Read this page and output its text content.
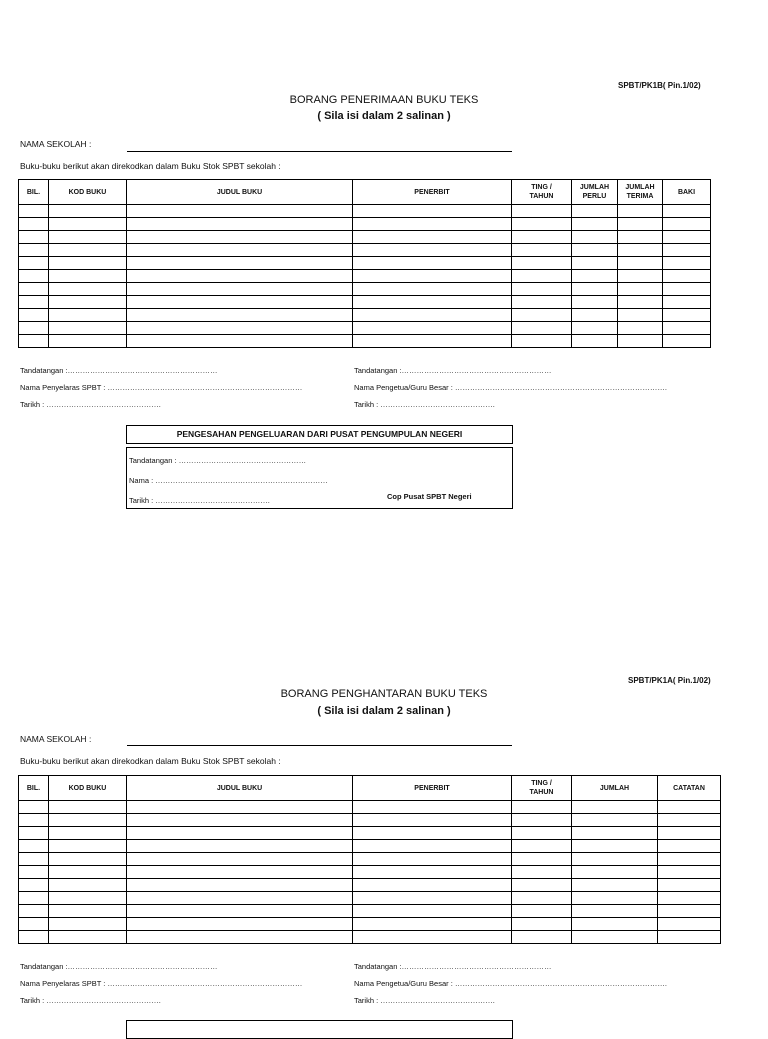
SPBT/PK1B( Pin.1/02)
BORANG PENERIMAAN BUKU TEKS
( Sila isi dalam 2 salinan )
NAMA SEKOLAH :
Buku-buku berikut akan direkodkan dalam Buku Stok SPBT sekolah :
BIL.	KOD BUKU	JUDUL BUKU	PENERBIT	TING / TAHUN	JUMLAH PERLU	JUMLAH TERIMA	BAKI

Tandatangan :……………………………………………………
Nama Penyelaras SPBT : ……………………………………………………………………
Tarikh : ……………………………………….
Tandatangan :……………………………………………………
Nama Pengetua/Guru Besar : ………………………………………………………………………….
Tarikh : ……………………………………….
PENGESAHAN PENGELUARAN DARI PUSAT PENGUMPULAN NEGERI
Tandatangan : ……………………………………………
Nama : ……………………………………………………………
Tarikh : ……………………………………….	Cop Pusat SPBT Negeri
SPBT/PK1A( Pin.1/02)
BORANG PENGHANTARAN BUKU TEKS
( Sila isi dalam 2 salinan )
NAMA SEKOLAH :
Buku-buku berikut akan direkodkan dalam Buku Stok SPBT sekolah :
BIL.	KOD BUKU	JUDUL BUKU	PENERBIT	TING / TAHUN	JUMLAH	CATATAN

Tandatangan :……………………………………………………
Nama Penyelaras SPBT : ……………………………………………………………………
Tarikh : ……………………………………….
Tandatangan :……………………………………………………
Nama Pengetua/Guru Besar : ………………………………………………………………………….
Tarikh : ……………………………………….
